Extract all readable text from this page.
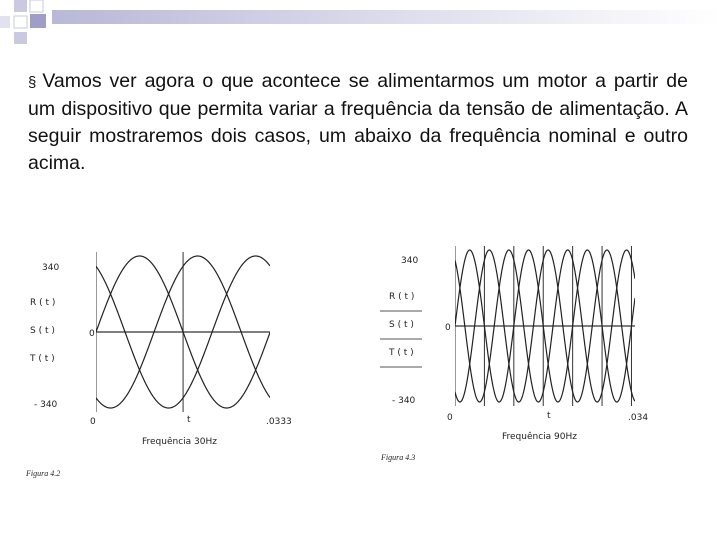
§ Vamos ver agora o que acontece se alimentarmos um motor a partir de um dispositivo que permita variar a frequência da tensão de alimentação. A seguir mostraremos dois casos, um abaixo da frequência nominal e outro acima.
340
R ( t )
S ( t )	0
T ( t )
- 340
0	t	.0333
Frequência 30Hz
Figura 4.2
340
R ( t )
S ( t )	0
T ( t )
- 340
0	t	.034
Frequência 90Hz
Figura 4.3
